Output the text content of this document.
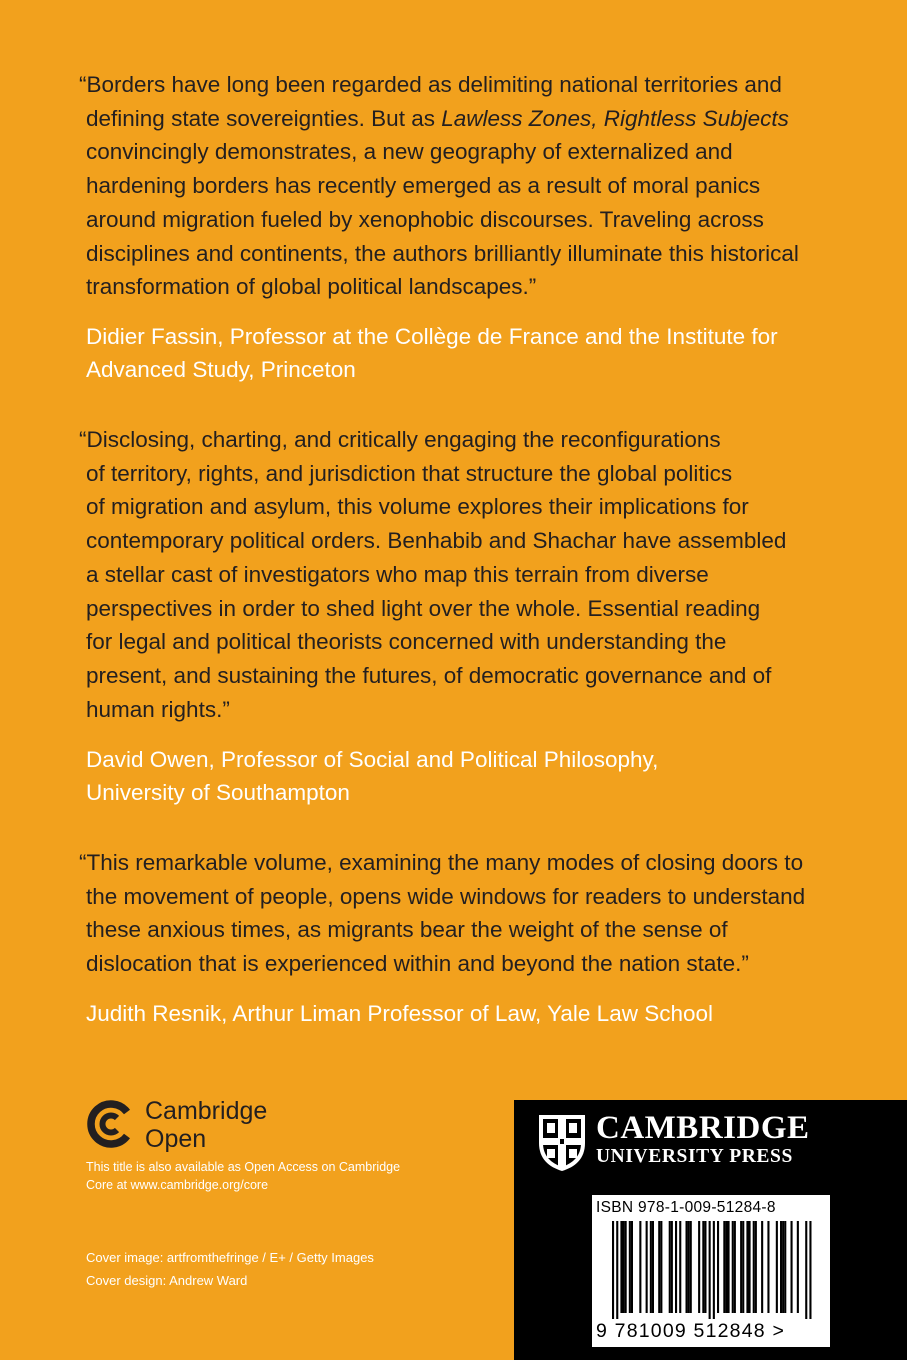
“Borders have long been regarded as delimiting national territories and
defining state sovereignties. But as Lawless Zones, Rightless Subjects
convincingly demonstrates, a new geography of externalized and
hardening borders has recently emerged as a result of moral panics
around migration fueled by xenophobic discourses. Traveling across
disciplines and continents, the authors brilliantly illuminate this historical
transformation of global political landscapes.”
Didier Fassin, Professor at the Collège de France and the Institute for
Advanced Study, Princeton
“Disclosing, charting, and critically engaging the reconfigurations
of territory, rights, and jurisdiction that structure the global politics
of migration and asylum, this volume explores their implications for
contemporary political orders. Benhabib and Shachar have assembled
a stellar cast of investigators who map this terrain from diverse
perspectives in order to shed light over the whole. Essential reading
for legal and political theorists concerned with understanding the
present, and sustaining the futures, of democratic governance and of
human rights.”
David Owen, Professor of Social and Political Philosophy,
University of Southampton
“This remarkable volume, examining the many modes of closing doors to
the movement of people, opens wide windows for readers to understand
these anxious times, as migrants bear the weight of the sense of
dislocation that is experienced within and beyond the nation state.”
Judith Resnik, Arthur Liman Professor of Law, Yale Law School
Cambridge
Open

This title is also available as Open Access on Cambridge Core at www.cambridge.org/core

Cover image: artfromthefringe / E+ / Getty Images

Cover design: Andrew Ward

CAMBRIDGE
UNIVERSITY PRESS
ISBN 978-1-009-51284-8
9 781009 512848 >
